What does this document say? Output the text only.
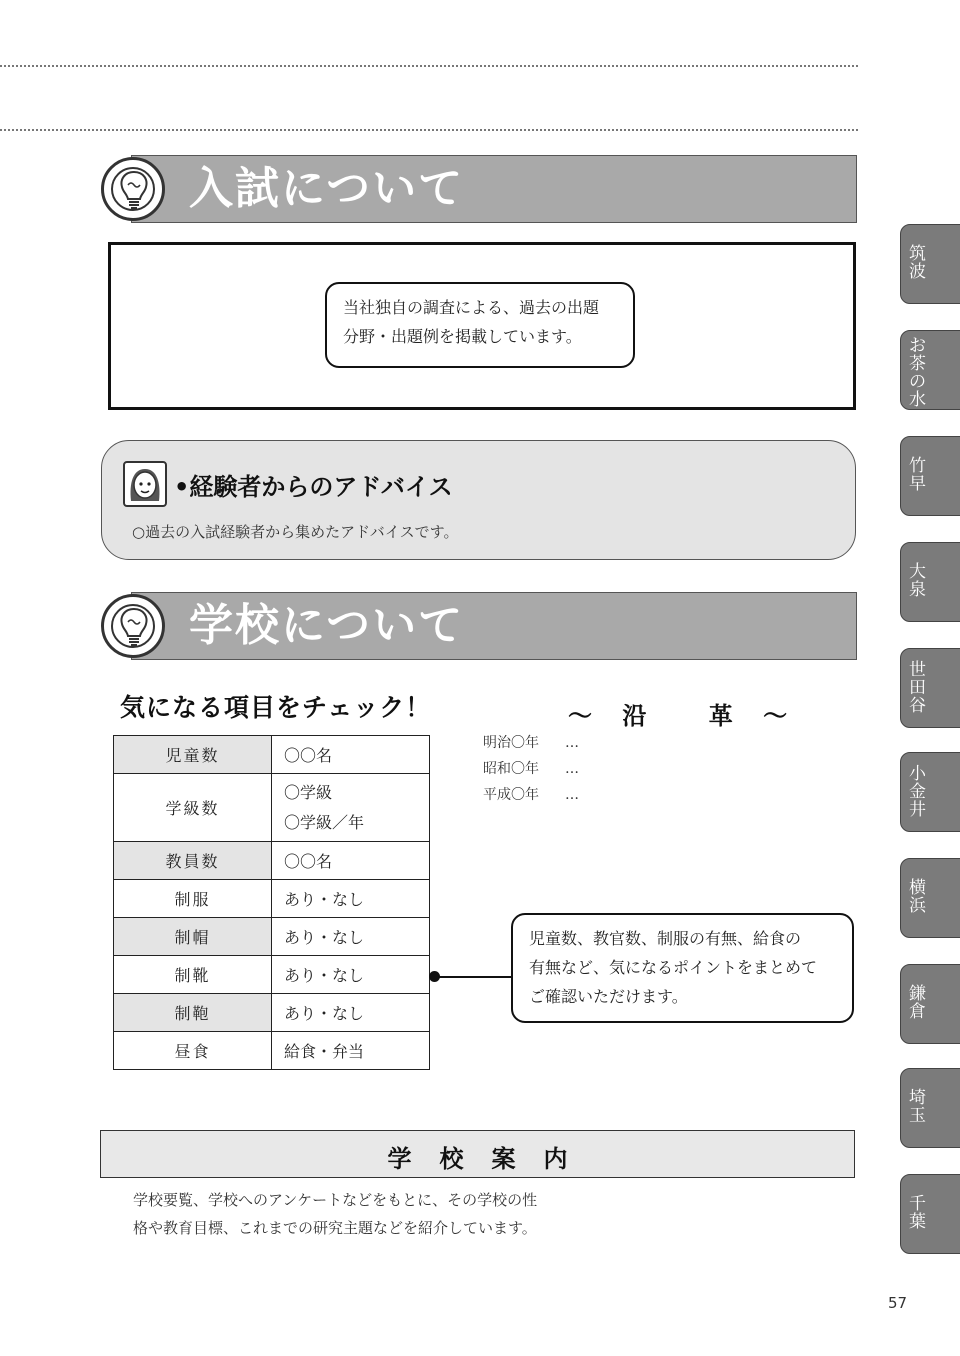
入試について
当社独自の調査による、過去の出題
分野・出題例を掲載しています。
•経験者からのアドバイス
○過去の入試経験者から集めたアドバイスです。
学校について
気になる項目をチェック！
児童数	〇〇名
学級数	〇学級
〇学級／年

教員数	〇〇名
制服	あり・なし
制帽	あり・なし
制靴	あり・なし
制鞄	あり・なし
昼食	給食・弁当
～ 沿	革 ～
明治〇年 …
昭和〇年 …
平成〇年 …
児童数、教官数、制服の有無、給食の
有無など、気になるポイントをまとめて
ご確認いただけます。
学校案内
学校要覧、学校へのアンケートなどをもとに、その学校の性
格や教育目標、これまでの研究主題などを紹介しています。
筑波
お茶の水
竹早
大泉
世田谷
小金井
横浜
鎌倉
埼玉
千葉
57
